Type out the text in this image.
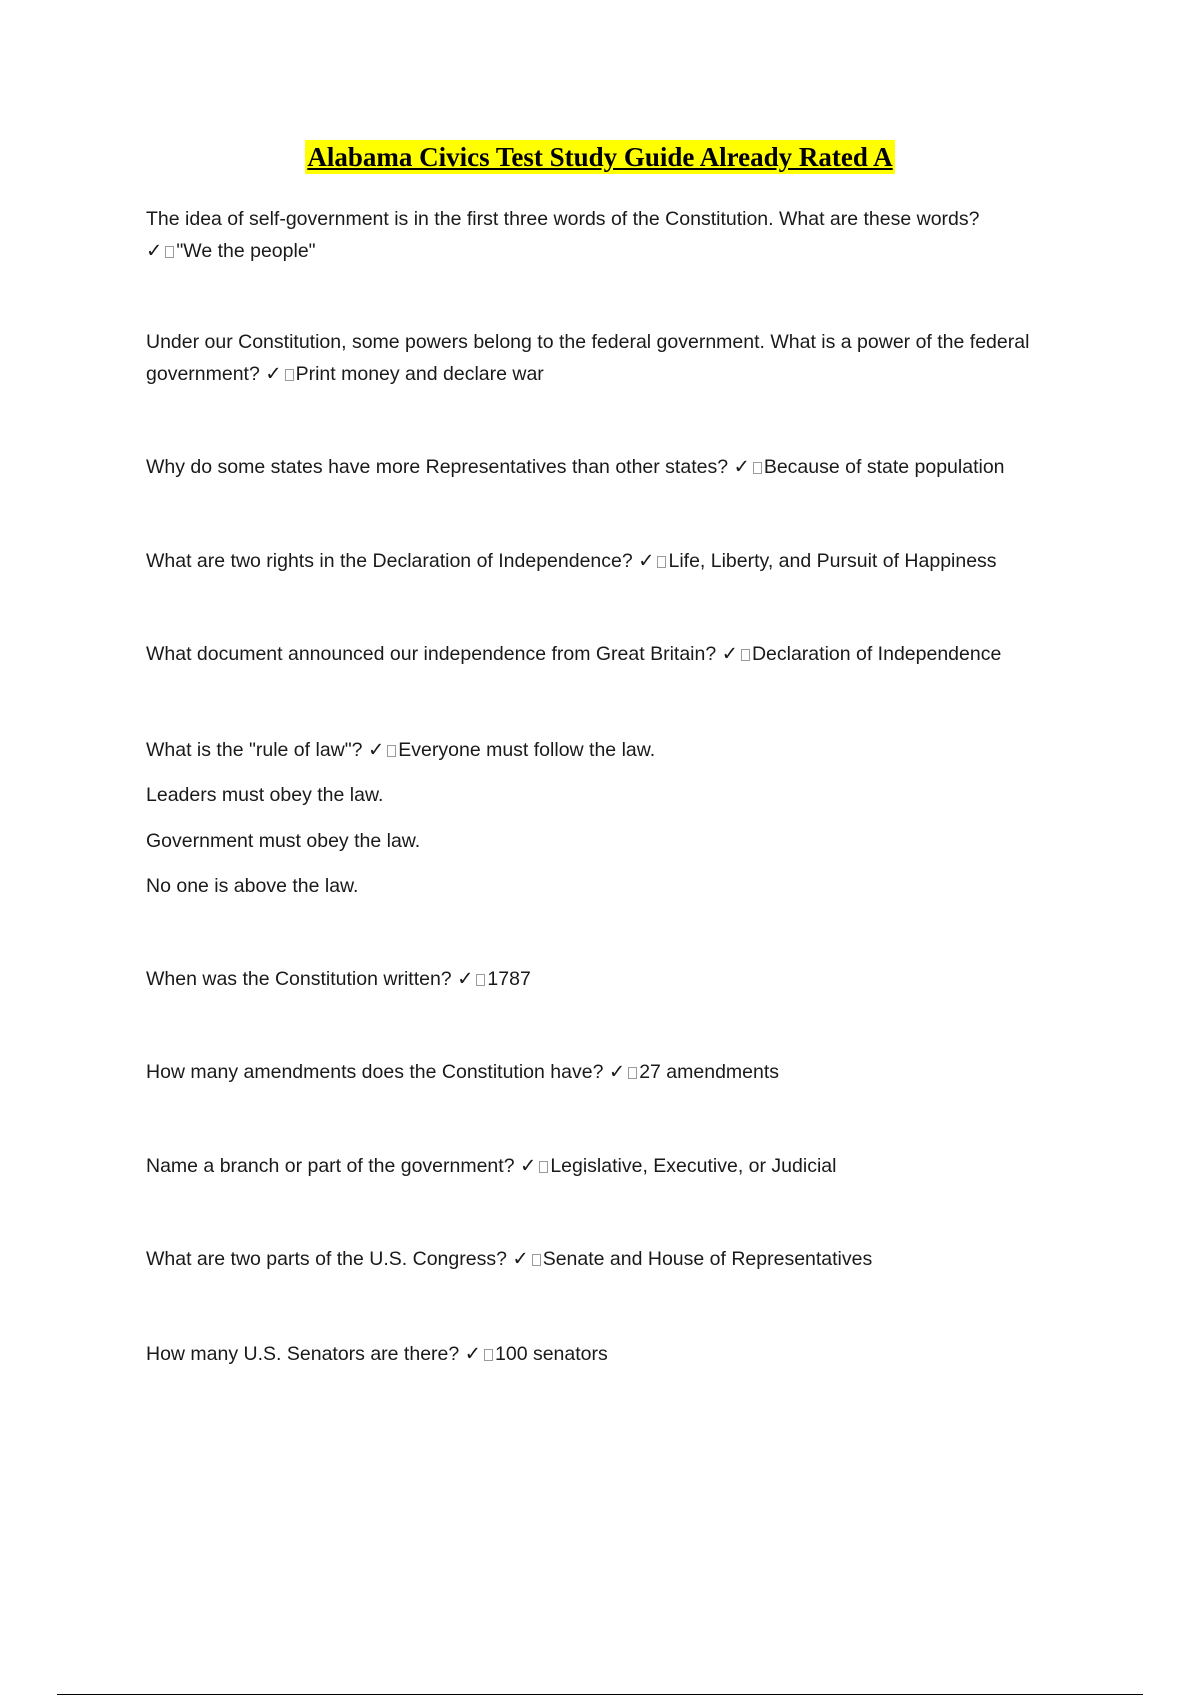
Alabama Civics Test Study Guide Already Rated A
The idea of self-government is in the first three words of the Constitution. What are these words?
✓ "We the people"
Under our Constitution, some powers belong to the federal government. What is a power of the federal government? ✓ Print money and declare war
Why do some states have more Representatives than other states? ✓ Because of state population
What are two rights in the Declaration of Independence? ✓ Life, Liberty, and Pursuit of Happiness
What document announced our independence from Great Britain? ✓ Declaration of Independence
What is the "rule of law"? ✓ Everyone must follow the law.
Leaders must obey the law.
Government must obey the law.
No one is above the law.
When was the Constitution written? ✓ 1787
How many amendments does the Constitution have? ✓ 27 amendments
Name a branch or part of the government? ✓ Legislative, Executive, or Judicial
What are two parts of the U.S. Congress? ✓ Senate and House of Representatives
How many U.S. Senators are there? ✓ 100 senators
